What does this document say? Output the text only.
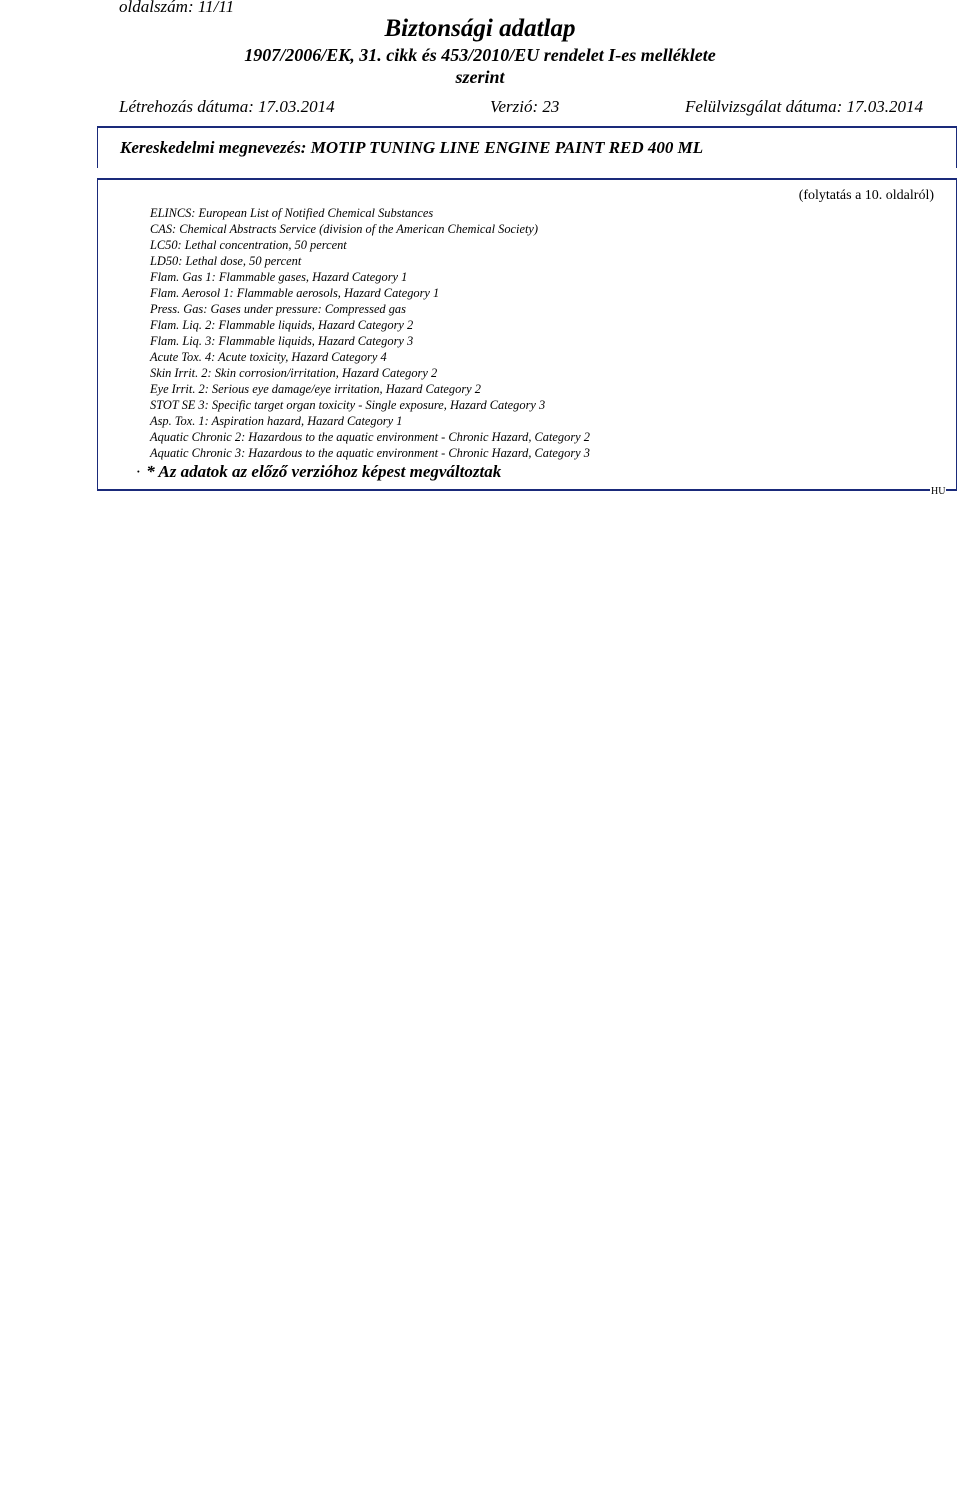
oldalszám: 11/11
Biztonsági adatlap
1907/2006/EK, 31. cikk és 453/2010/EU rendelet I-es melléklete
szerint
Létrehozás dátuma: 17.03.2014	Verzió: 23	Felülvizsgálat dátuma: 17.03.2014
Kereskedelmi megnevezés: MOTIP TUNING LINE ENGINE PAINT RED 400 ML
(folytatás a 10. oldalról)
ELINCS: European List of Notified Chemical Substances
CAS: Chemical Abstracts Service (division of the American Chemical Society)
LC50: Lethal concentration, 50 percent
LD50: Lethal dose, 50 percent
Flam. Gas 1: Flammable gases, Hazard Category 1
Flam. Aerosol 1: Flammable aerosols, Hazard Category 1
Press. Gas: Gases under pressure: Compressed gas
Flam. Liq. 2: Flammable liquids, Hazard Category 2
Flam. Liq. 3: Flammable liquids, Hazard Category 3
Acute Tox. 4: Acute toxicity, Hazard Category 4
Skin Irrit. 2: Skin corrosion/irritation, Hazard Category 2
Eye Irrit. 2: Serious eye damage/eye irritation, Hazard Category 2
STOT SE 3: Specific target organ toxicity - Single exposure, Hazard Category 3
Asp. Tox. 1: Aspiration hazard, Hazard Category 1
Aquatic Chronic 2: Hazardous to the aquatic environment - Chronic Hazard, Category 2
Aquatic Chronic 3: Hazardous to the aquatic environment - Chronic Hazard, Category 3
· * Az adatok az előző verzióhoz képest megváltoztak
HU
